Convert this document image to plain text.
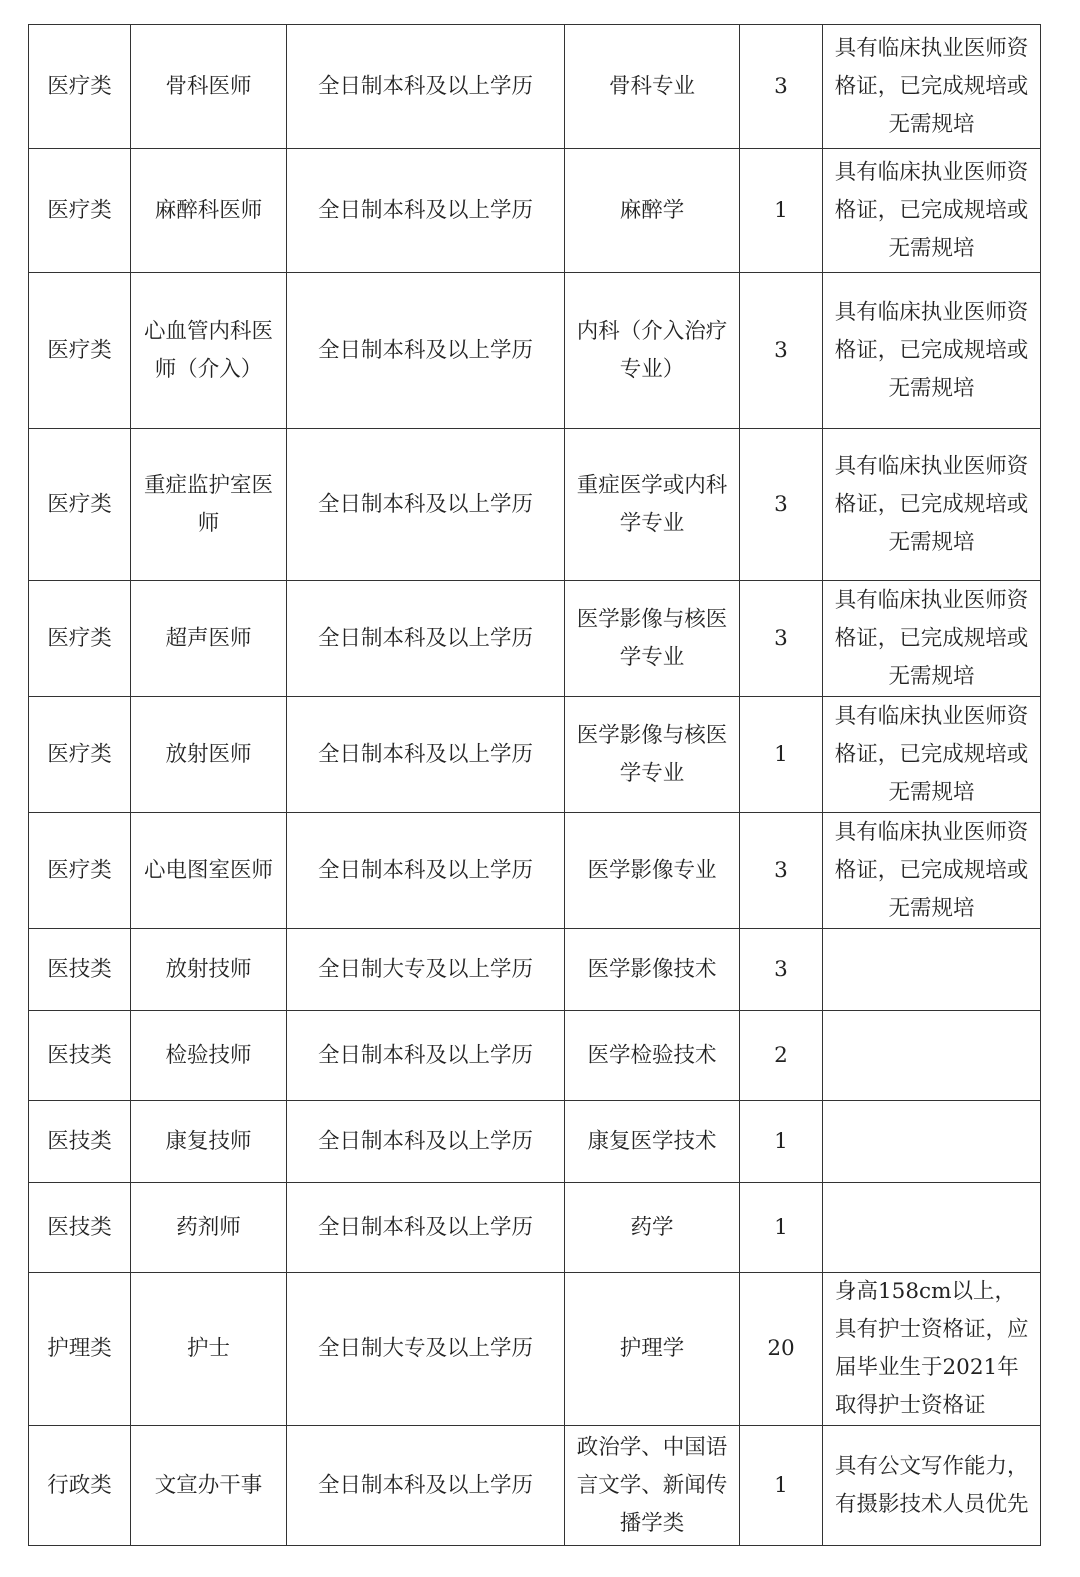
医疗类	骨科医师	全日制本科及以上学历	骨科专业	3	具有临床执业医师资格证，已完成规培或无需规培
医疗类	麻醉科医师	全日制本科及以上学历	麻醉学	1	具有临床执业医师资格证，已完成规培或无需规培
医疗类	心血管内科医师（介入）	全日制本科及以上学历	内科（介入治疗专业）	3	具有临床执业医师资格证，已完成规培或无需规培
医疗类	重症监护室医师	全日制本科及以上学历	重症医学或内科学专业	3	具有临床执业医师资格证，已完成规培或无需规培
医疗类	超声医师	全日制本科及以上学历	医学影像与核医学专业	3	具有临床执业医师资格证，已完成规培或无需规培
医疗类	放射医师	全日制本科及以上学历	医学影像与核医学专业	1	具有临床执业医师资格证，已完成规培或无需规培
医疗类	心电图室医师	全日制本科及以上学历	医学影像专业	3	具有临床执业医师资格证，已完成规培或无需规培
医技类	放射技师	全日制大专及以上学历	医学影像技术	3	
医技类	检验技师	全日制本科及以上学历	医学检验技术	2	
医技类	康复技师	全日制本科及以上学历	康复医学技术	1	
医技类	药剂师	全日制本科及以上学历	药学	1	
护理类	护士	全日制大专及以上学历	护理学	20	身高158cm以上，具有护士资格证，应届毕业生于2021年取得护士资格证
行政类	文宣办干事	全日制本科及以上学历	政治学、中国语言文学、新闻传播学类	1	具有公文写作能力，有摄影技术人员优先
